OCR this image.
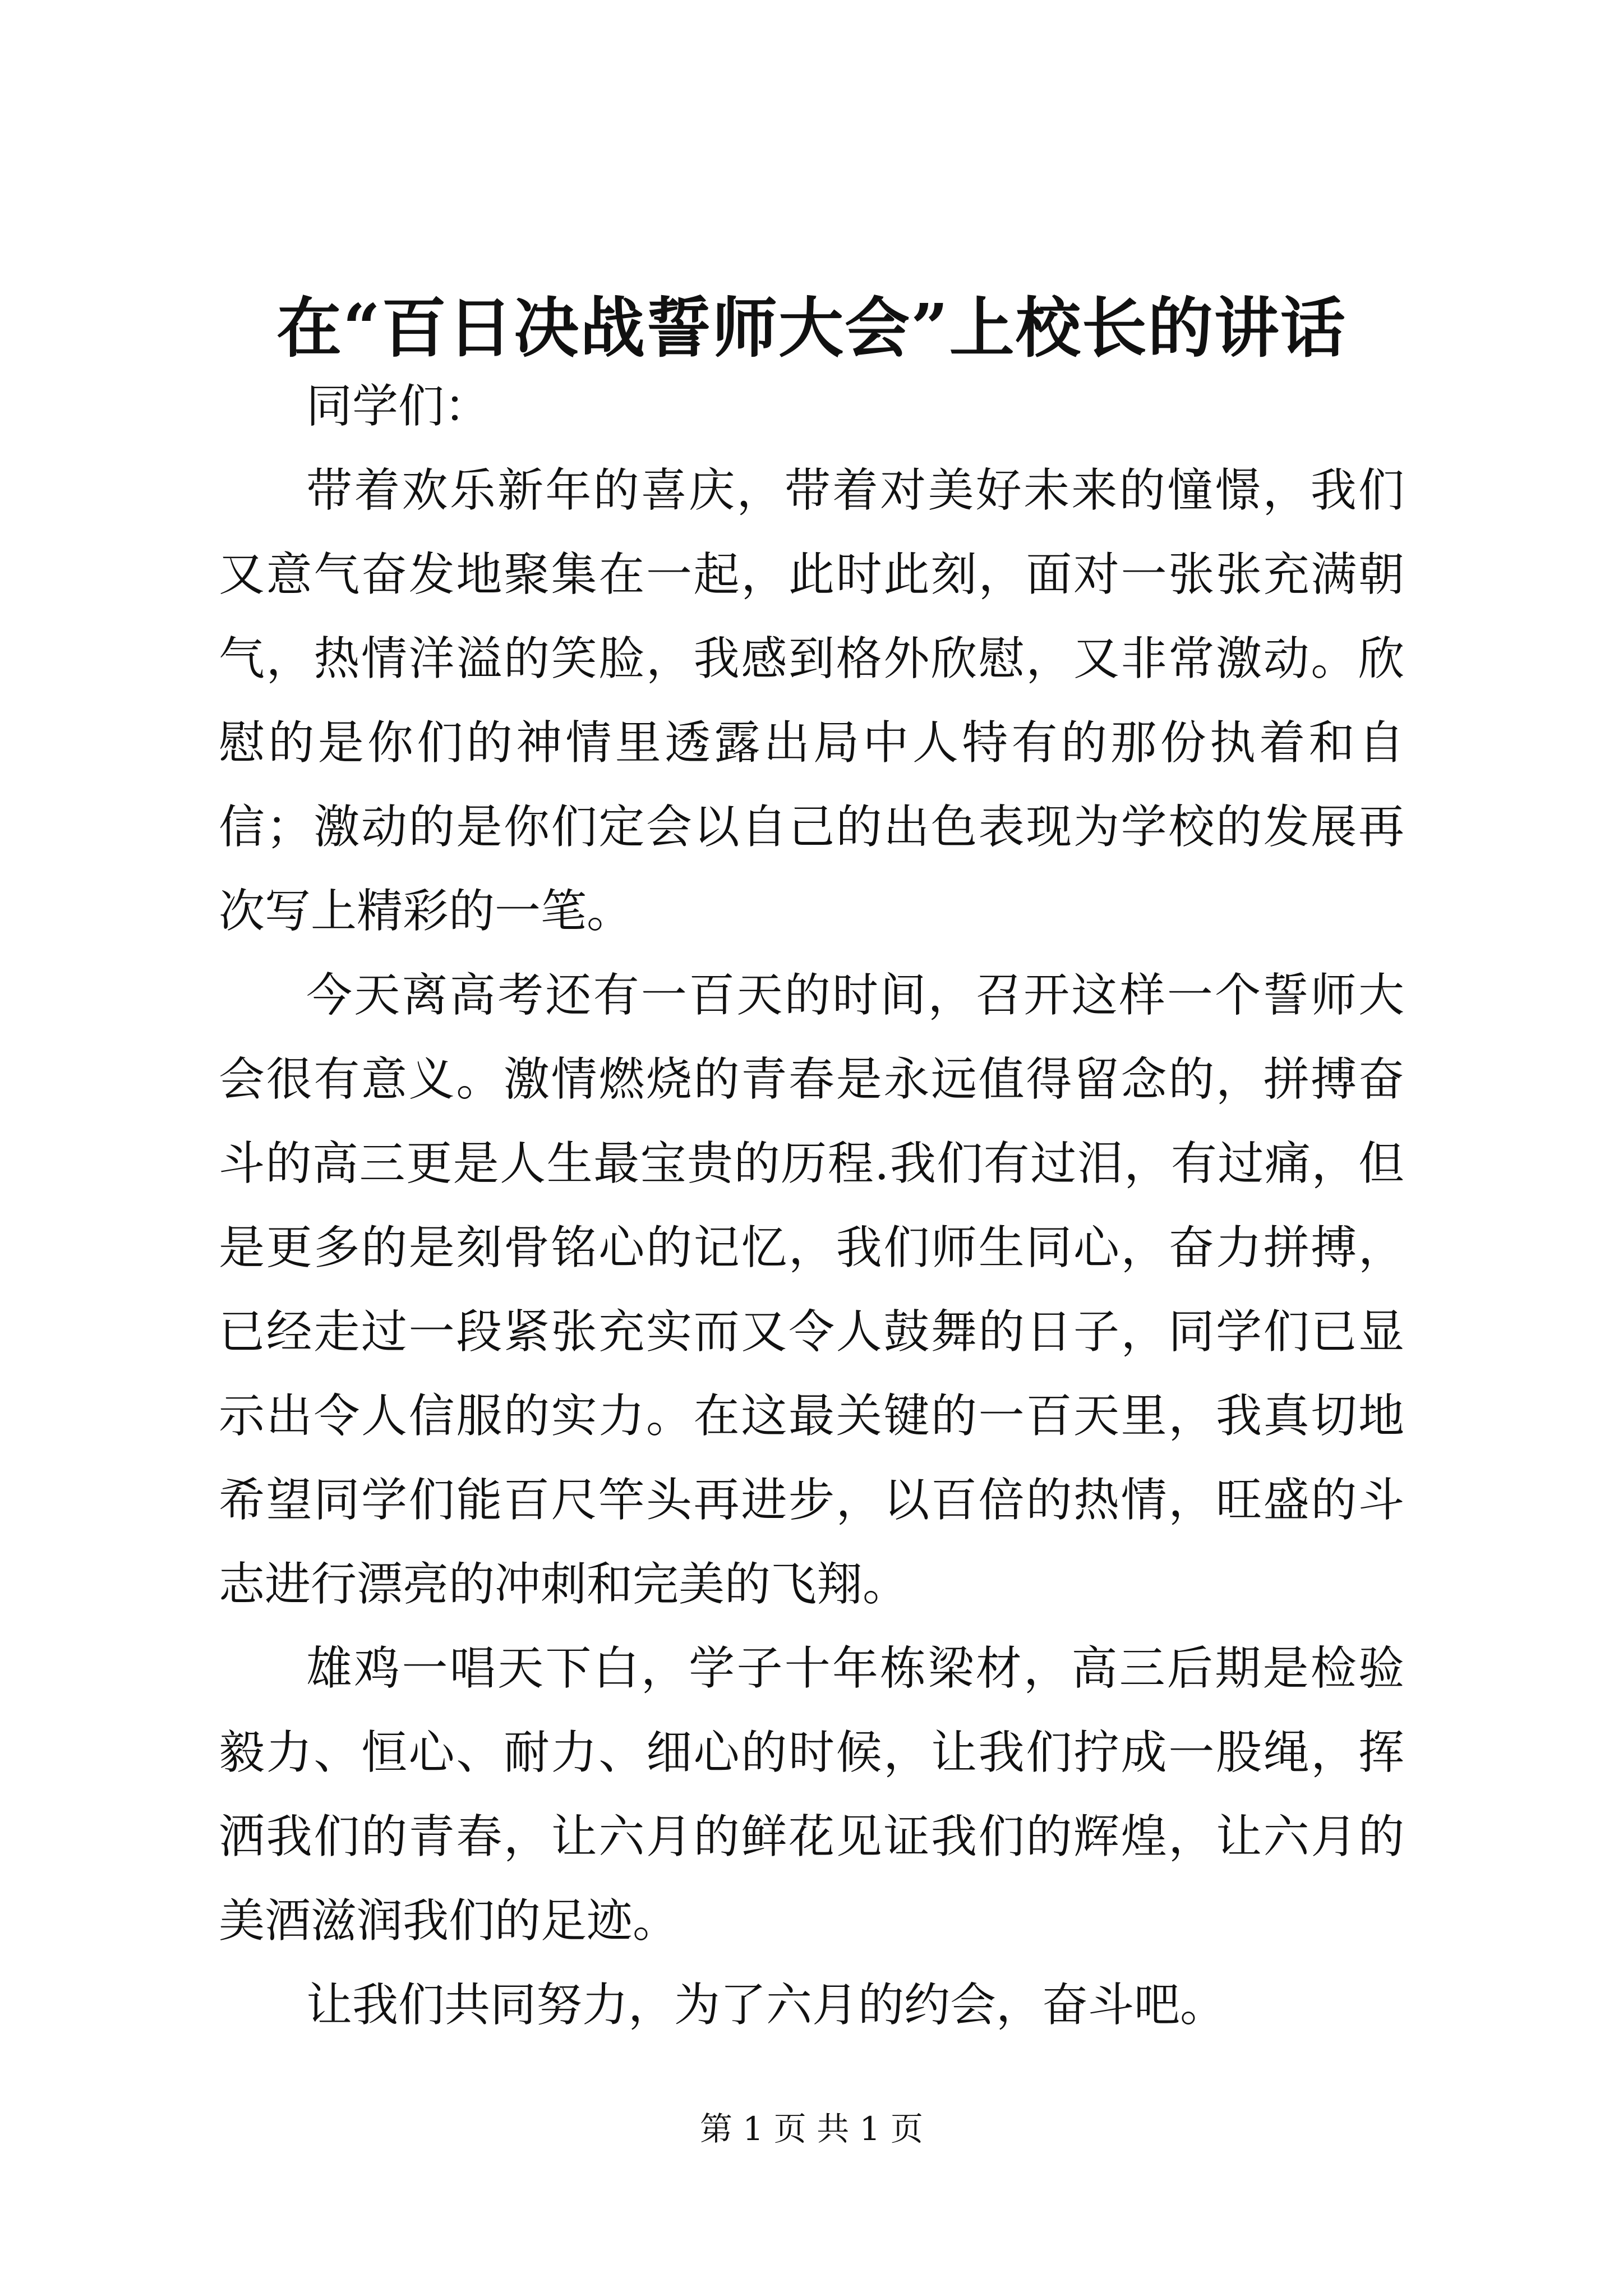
在“百日决战誓师大会”上校长的讲话

同学们：

带着欢乐新年的喜庆，带着对美好未来的憧憬，我们又意气奋发地聚集在一起，此时此刻，面对一张张充满朝气，热情洋溢的笑脸，我感到格外欣慰，又非常激动。欣慰的是你们的神情里透露出局中人特有的那份执着和自信；激动的是你们定会以自己的出色表现为学校的发展再次写上精彩的一笔。

今天离高考还有一百天的时间，召开这样一个誓师大会很有意义。激情燃烧的青春是永远值得留念的，拼搏奋斗的高三更是人生最宝贵的历程.我们有过泪，有过痛，但是更多的是刻骨铭心的记忆，我们师生同心，奋力拼搏，已经走过一段紧张充实而又令人鼓舞的日子，同学们已显示出令人信服的实力。在这最关键的一百天里，我真切地希望同学们能百尺竿头再进步，以百倍的热情，旺盛的斗志进行漂亮的冲刺和完美的飞翔。

雄鸡一唱天下白，学子十年栋梁材，高三后期是检验毅力、恒心、耐力、细心的时候，让我们拧成一股绳，挥洒我们的青春，让六月的鲜花见证我们的辉煌，让六月的美酒滋润我们的足迹。

让我们共同努力，为了六月的约会，奋斗吧。

第 1 页 共 1 页
